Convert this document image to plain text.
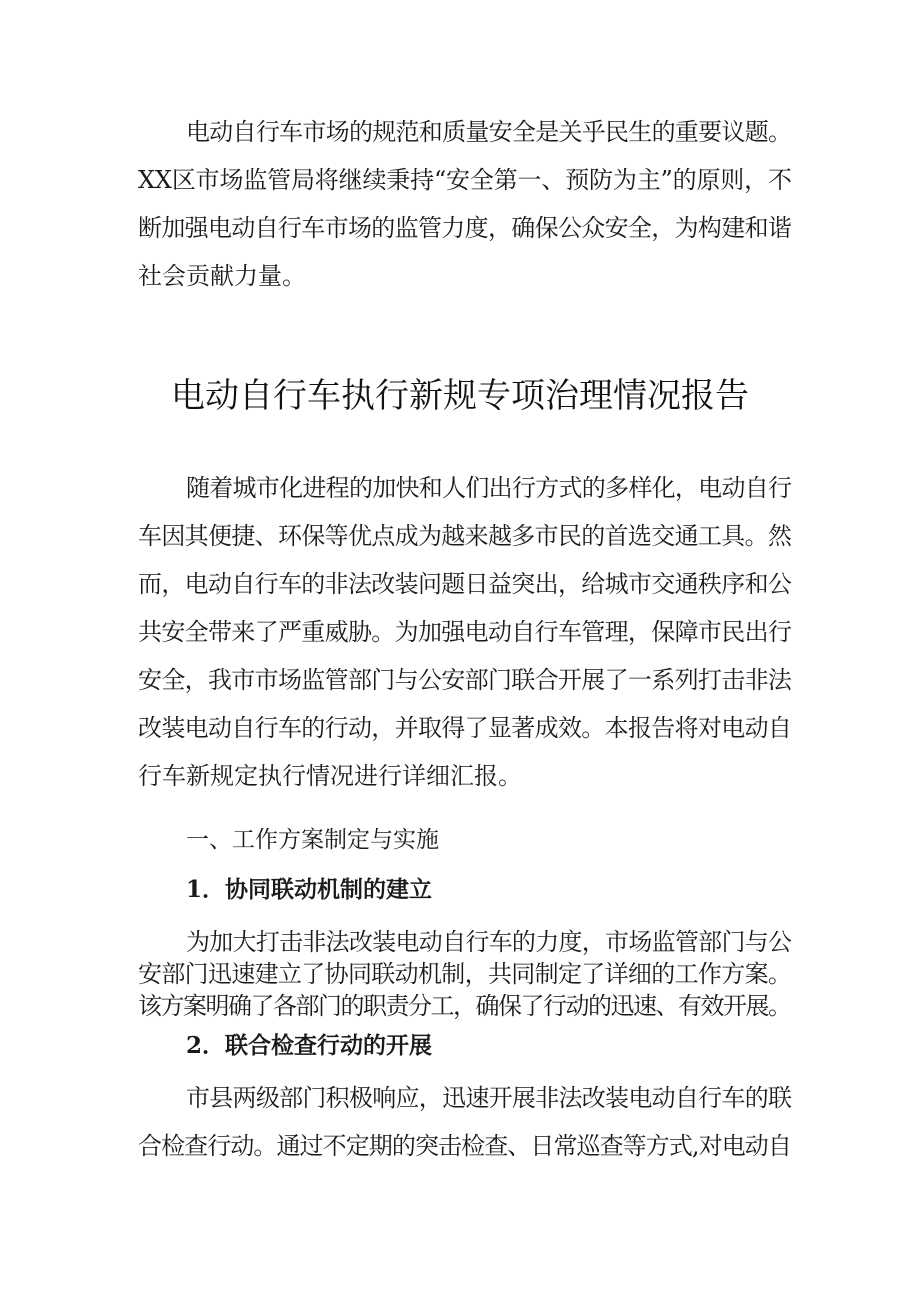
电动自行车市场的规范和质量安全是关乎民生的重要议题。
XX区市场监管局将继续秉持“安全第一、预防为主”的原则，不
断加强电动自行车市场的监管力度，确保公众安全，为构建和谐
社会贡献力量。
电动自行车执行新规专项治理情况报告
随着城市化进程的加快和人们出行方式的多样化，电动自行
车因其便捷、环保等优点成为越来越多市民的首选交通工具。然
而，电动自行车的非法改装问题日益突出，给城市交通秩序和公
共安全带来了严重威胁。为加强电动自行车管理，保障市民出行
安全，我市市场监管部门与公安部门联合开展了一系列打击非法
改装电动自行车的行动，并取得了显著成效。本报告将对电动自
行车新规定执行情况进行详细汇报。
一、工作方案制定与实施
1．协同联动机制的建立
为加大打击非法改装电动自行车的力度，市场监管部门与公
安部门迅速建立了协同联动机制，共同制定了详细的工作方案。
该方案明确了各部门的职责分工，确保了行动的迅速、有效开展。
2．联合检查行动的开展
市县两级部门积极响应，迅速开展非法改装电动自行车的联
合检查行动。通过不定期的突击检查、日常巡查等方式,对电动自
